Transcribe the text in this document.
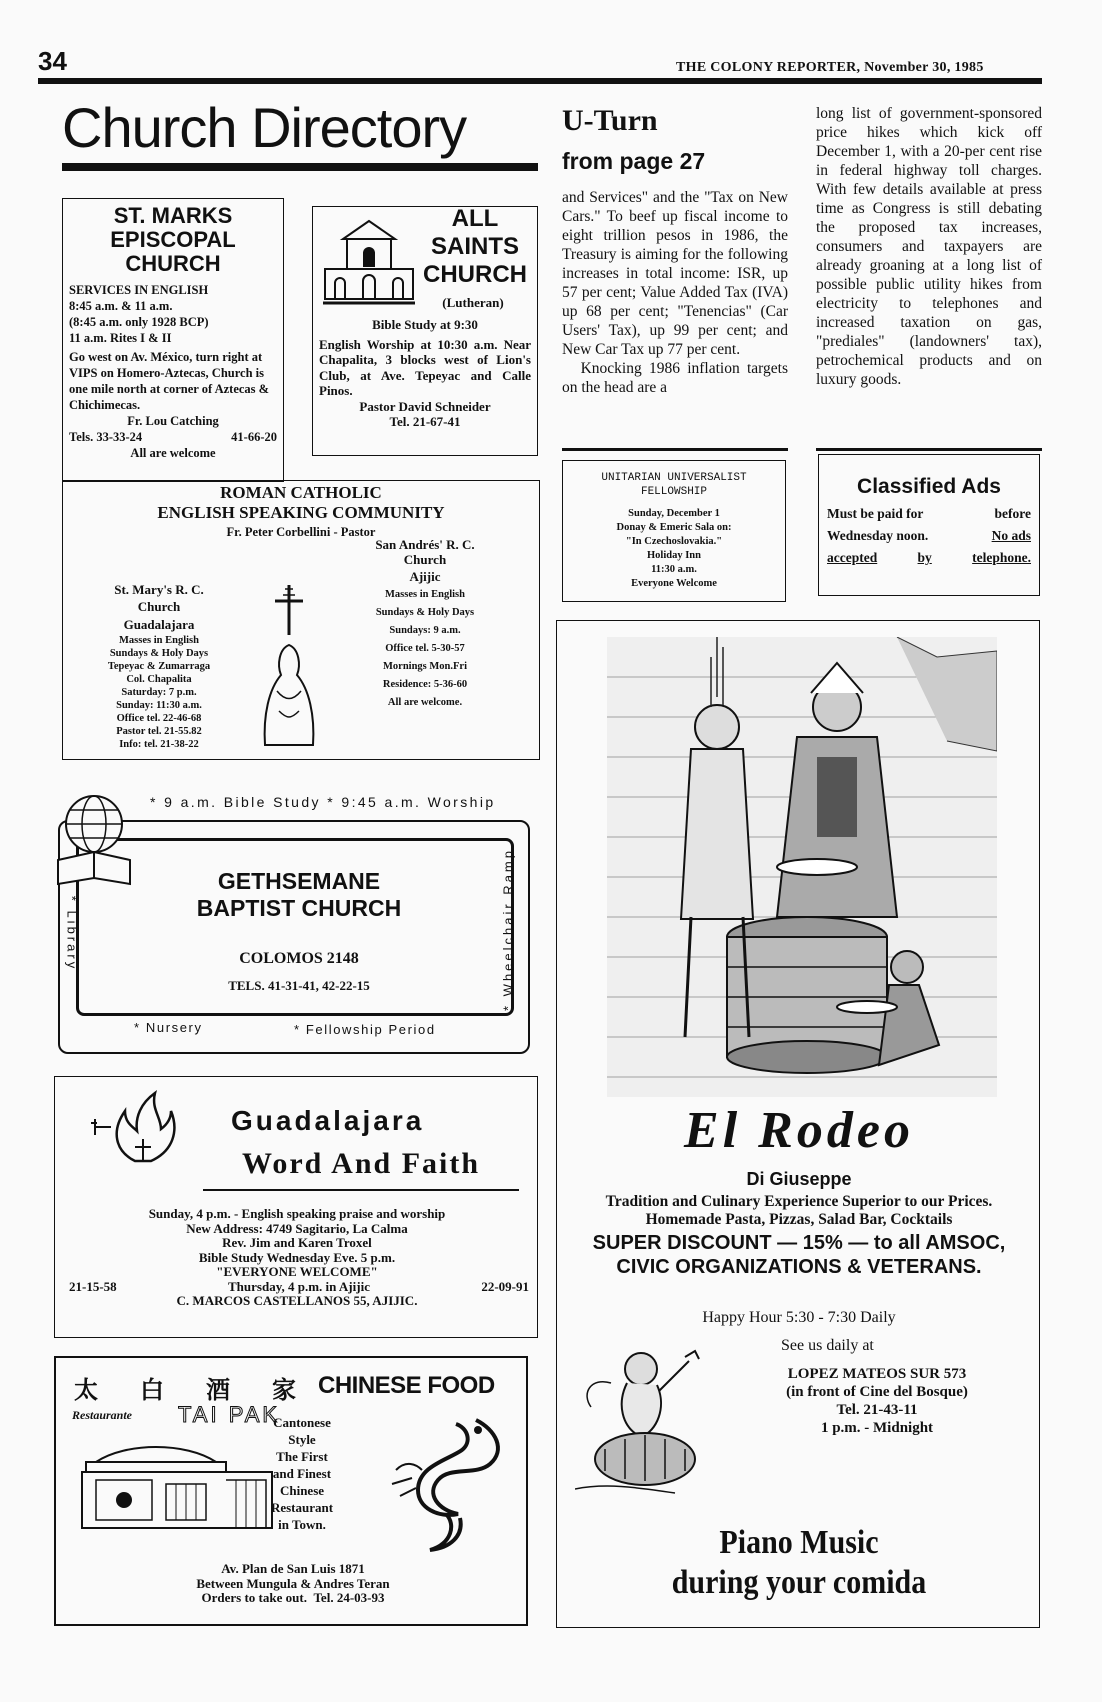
34	THE COLONY REPORTER, November 30, 1985
Church Directory
ST. MARKS
EPISCOPAL
CHURCH
SERVICES IN ENGLISH
8:45 a.m. & 11 a.m.
(8:45 a.m. only 1928 BCP)
11 a.m. Rites I & II
Go west on Av. México, turn right at VIPS on Homero-Aztecas, Church is one mile north at corner of Aztecas & Chichimecas.
Fr. Lou Catching
Tels. 33-33-24	41-66-20
All are welcome
ALL
SAINTS
CHURCH
(Lutheran)
Bible Study at 9:30
English Worship at 10:30 a.m. Near Chapalita, 3 blocks west of Lion's Club, at Ave. Tepeyac and Calle Pinos.
Pastor David Schneider
Tel. 21-67-41
ROMAN CATHOLIC
ENGLISH SPEAKING COMMUNITY
Fr. Peter Corbellini - Pastor
St. Mary's R. C.
Church
Guadalajara
Masses in English
Sundays & Holy Days
Tepeyac & Zumarraga
Col. Chapalita
Saturday: 7 p.m.
Sunday: 11:30 a.m.
Office tel. 22-46-68
Pastor tel. 21-55.82
Info: tel. 21-38-22
San Andrés' R. C.
Church
Ajijic
Masses in English
Sundays & Holy Days
Sundays: 9 a.m.
Office tel. 5-30-57
Mornings Mon.Fri
Residence: 5-36-60
All are welcome.
* 9 a.m. Bible Study * 9:45 a.m. Worship
GETHSEMANE
BAPTIST CHURCH
COLOMOS 2148
TELS. 41-31-41, 42-22-15
* Library	* Wheelchair Ramp
* Nursery	* Fellowship Period
Guadalajara
Word And Faith
Sunday, 4 p.m. - English speaking praise and worship
New Address: 4749 Sagitario, La Calma
Rev. Jim and Karen Troxel
Bible Study Wednesday Eve. 5 p.m.
"EVERYONE WELCOME"
21-15-58	Thursday, 4 p.m. in Ajijic	22-09-91
C. MARCOS CASTELLANOS 55, AJIJIC.
太 白 酒 家
Restaurante TAI PAK
CHINESE FOOD
Cantonese
Style
The First
and Finest
Chinese
Restaurant
in Town.
Av. Plan de San Luis 1871
Between Mungula & Andres Teran
Orders to take out. Tel. 24-03-93
U-Turn
from page 27

and Services" and the "Tax on New Cars." To beef up fiscal income to eight trillion pesos in 1986, the Treasury is aiming for the following increases in total income: ISR, up 57 per cent; Value Added Tax (IVA) up 68 per cent; "Tenencias" (Car Users' Tax), up 99 per cent; and New Car Tax up 77 per cent.

Knocking 1986 inflation targets on the head are a

long list of government-sponsored price hikes which kick off December 1, with a 20-per cent rise in federal highway toll charges. With few details available at press time as Congress is still debating the proposed tax increases, consumers and taxpayers are already groaning at a long list of possible public utility hikes from electricity to telephones and increased taxation on gas, "prediales" (landowners' tax), petrochemical products and on luxury goods.
UNITARIAN UNIVERSALIST
FELLOWSHIP
Sunday, December 1
Donay & Emeric Sala on:
"In Czechoslovakia."
Holiday Inn
11:30 a.m.
Everyone Welcome
Classified Ads
Must be paid for	before
Wednesday noon.	No ads
accepted	by	telephone.
El Rodeo
Di Giuseppe
Tradition and Culinary Experience Superior to our Prices. Homemade Pasta, Pizzas, Salad Bar, Cocktails
SUPER DISCOUNT — 15% — to all AMSOC, CIVIC ORGANIZATIONS & VETERANS.
Happy Hour 5:30 - 7:30 Daily
See us daily at
LOPEZ MATEOS SUR 573
(in front of Cine del Bosque)
Tel. 21-43-11
1 p.m. - Midnight
Piano Music
during your comida
